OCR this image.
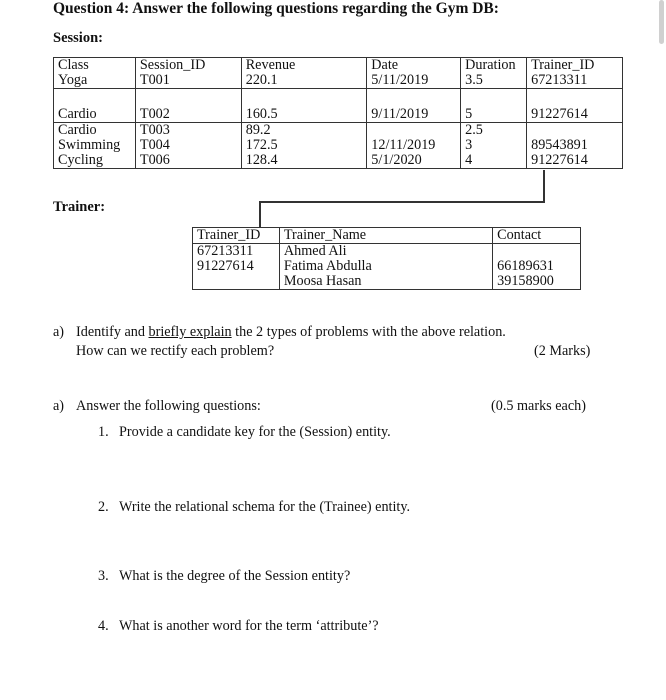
Question 4: Answer the following questions regarding the Gym DB:
Session:
Class	Session_ID	Revenue	Date	Duration	Trainer_ID
Yoga	T001	220.1	5/11/2019	3.5	67213311

Cardio	T002	160.5	9/11/2019	5	91227614
Cardio	T003	89.2		2.5	
Swimming	T004	172.5	12/11/2019	3	89543891
Cycling	T006	128.4	5/1/2020	4	91227614
Trainer:
Trainer_ID	Trainer_Name	Contact
67213311	Ahmed Ali	
91227614	Fatima Abdulla	66189631
	Moosa Hasan	39158900
a) Identify and briefly explain the 2 types of problems with the above relation.
How can we rectify each problem?	(2 Marks)
a) Answer the following questions:	(0.5 marks each)
1. Provide a candidate key for the (Session) entity.
2. Write the relational schema for the (Trainee) entity.
3. What is the degree of the Session entity?
4. What is another word for the term ‘attribute’?
